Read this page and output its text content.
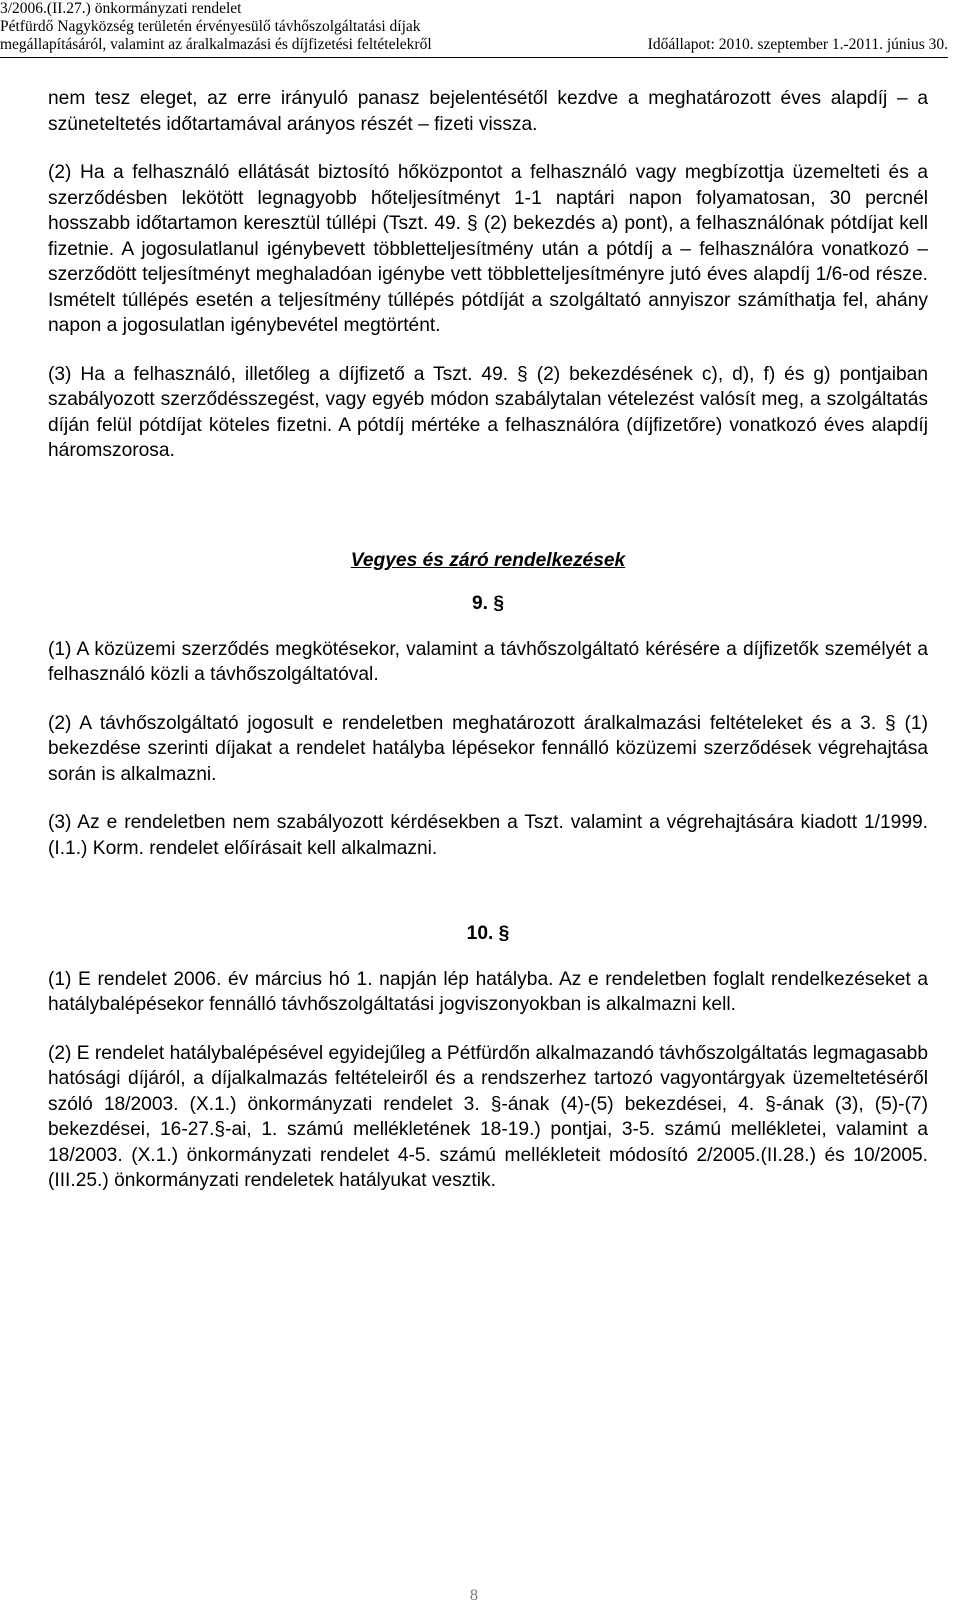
3/2006.(II.27.) önkormányzati rendelet
Pétfürdő Nagyközség területén érvényesülő távhőszolgáltatási díjak
megállapításáról, valamint az áralkalmazási és díjfizetési feltételekről	Időállapot: 2010. szeptember 1.-2011. június 30.

nem tesz eleget, az erre irányuló panasz bejelentésétől kezdve a meghatározott éves alapdíj – a szüneteltetés időtartamával arányos részét – fizeti vissza.

(2) Ha a felhasználó ellátását biztosító hőközpontot a felhasználó vagy megbízottja üzemelteti és a szerződésben lekötött legnagyobb hőteljesítményt 1-1 naptári napon folyamatosan, 30 percnél hosszabb időtartamon keresztül túllépi (Tszt. 49. § (2) bekezdés a) pont), a felhasználónak pótdíjat kell fizetnie. A jogosulatlanul igénybevett többletteljesítmény után a pótdíj a – felhasználóra vonatkozó – szerződött teljesítményt meghaladóan igénybe vett többletteljesítményre jutó éves alapdíj 1/6-od része. Ismételt túllépés esetén a teljesítmény túllépés pótdíját a szolgáltató annyiszor számíthatja fel, ahány napon a jogosulatlan igénybevétel megtörtént.

(3) Ha a felhasználó, illetőleg a díjfizető a Tszt. 49. § (2) bekezdésének c), d), f) és g) pontjaiban szabályozott szerződésszegést, vagy egyéb módon szabálytalan vételezést valósít meg, a szolgáltatás díján felül pótdíjat köteles fizetni. A pótdíj mértéke a felhasználóra (díjfizetőre) vonatkozó éves alapdíj háromszorosa.

Vegyes és záró rendelkezések

9. §

(1) A közüzemi szerződés megkötésekor, valamint a távhőszolgáltató kérésére a díjfizetők személyét a felhasználó közli a távhőszolgáltatóval.

(2) A távhőszolgáltató jogosult e rendeletben meghatározott áralkalmazási feltételeket és a 3. § (1) bekezdése szerinti díjakat a rendelet hatályba lépésekor fennálló közüzemi szerződések végrehajtása során is alkalmazni.

(3) Az e rendeletben nem szabályozott kérdésekben a Tszt. valamint a végrehajtására kiadott 1/1999. (I.1.) Korm. rendelet előírásait kell alkalmazni.

10. §

(1) E rendelet 2006. év március hó 1. napján lép hatályba. Az e rendeletben foglalt rendelkezéseket a hatálybalépésekor fennálló távhőszolgáltatási jogviszonyokban is alkalmazni kell.

(2) E rendelet hatálybalépésével egyidejűleg a Pétfürdőn alkalmazandó távhőszolgáltatás legmagasabb hatósági díjáról, a díjalkalmazás feltételeiről és a rendszerhez tartozó vagyontárgyak üzemeltetéséről szóló 18/2003. (X.1.) önkormányzati rendelet 3. §-ának (4)-(5) bekezdései, 4. §-ának (3), (5)-(7) bekezdései, 16-27.§-ai, 1. számú mellékletének 18-19.) pontjai, 3-5. számú mellékletei, valamint a 18/2003. (X.1.) önkormányzati rendelet 4-5. számú mellékleteit módosító 2/2005.(II.28.) és 10/2005.(III.25.) önkormányzati rendeletek hatályukat vesztik.

8
